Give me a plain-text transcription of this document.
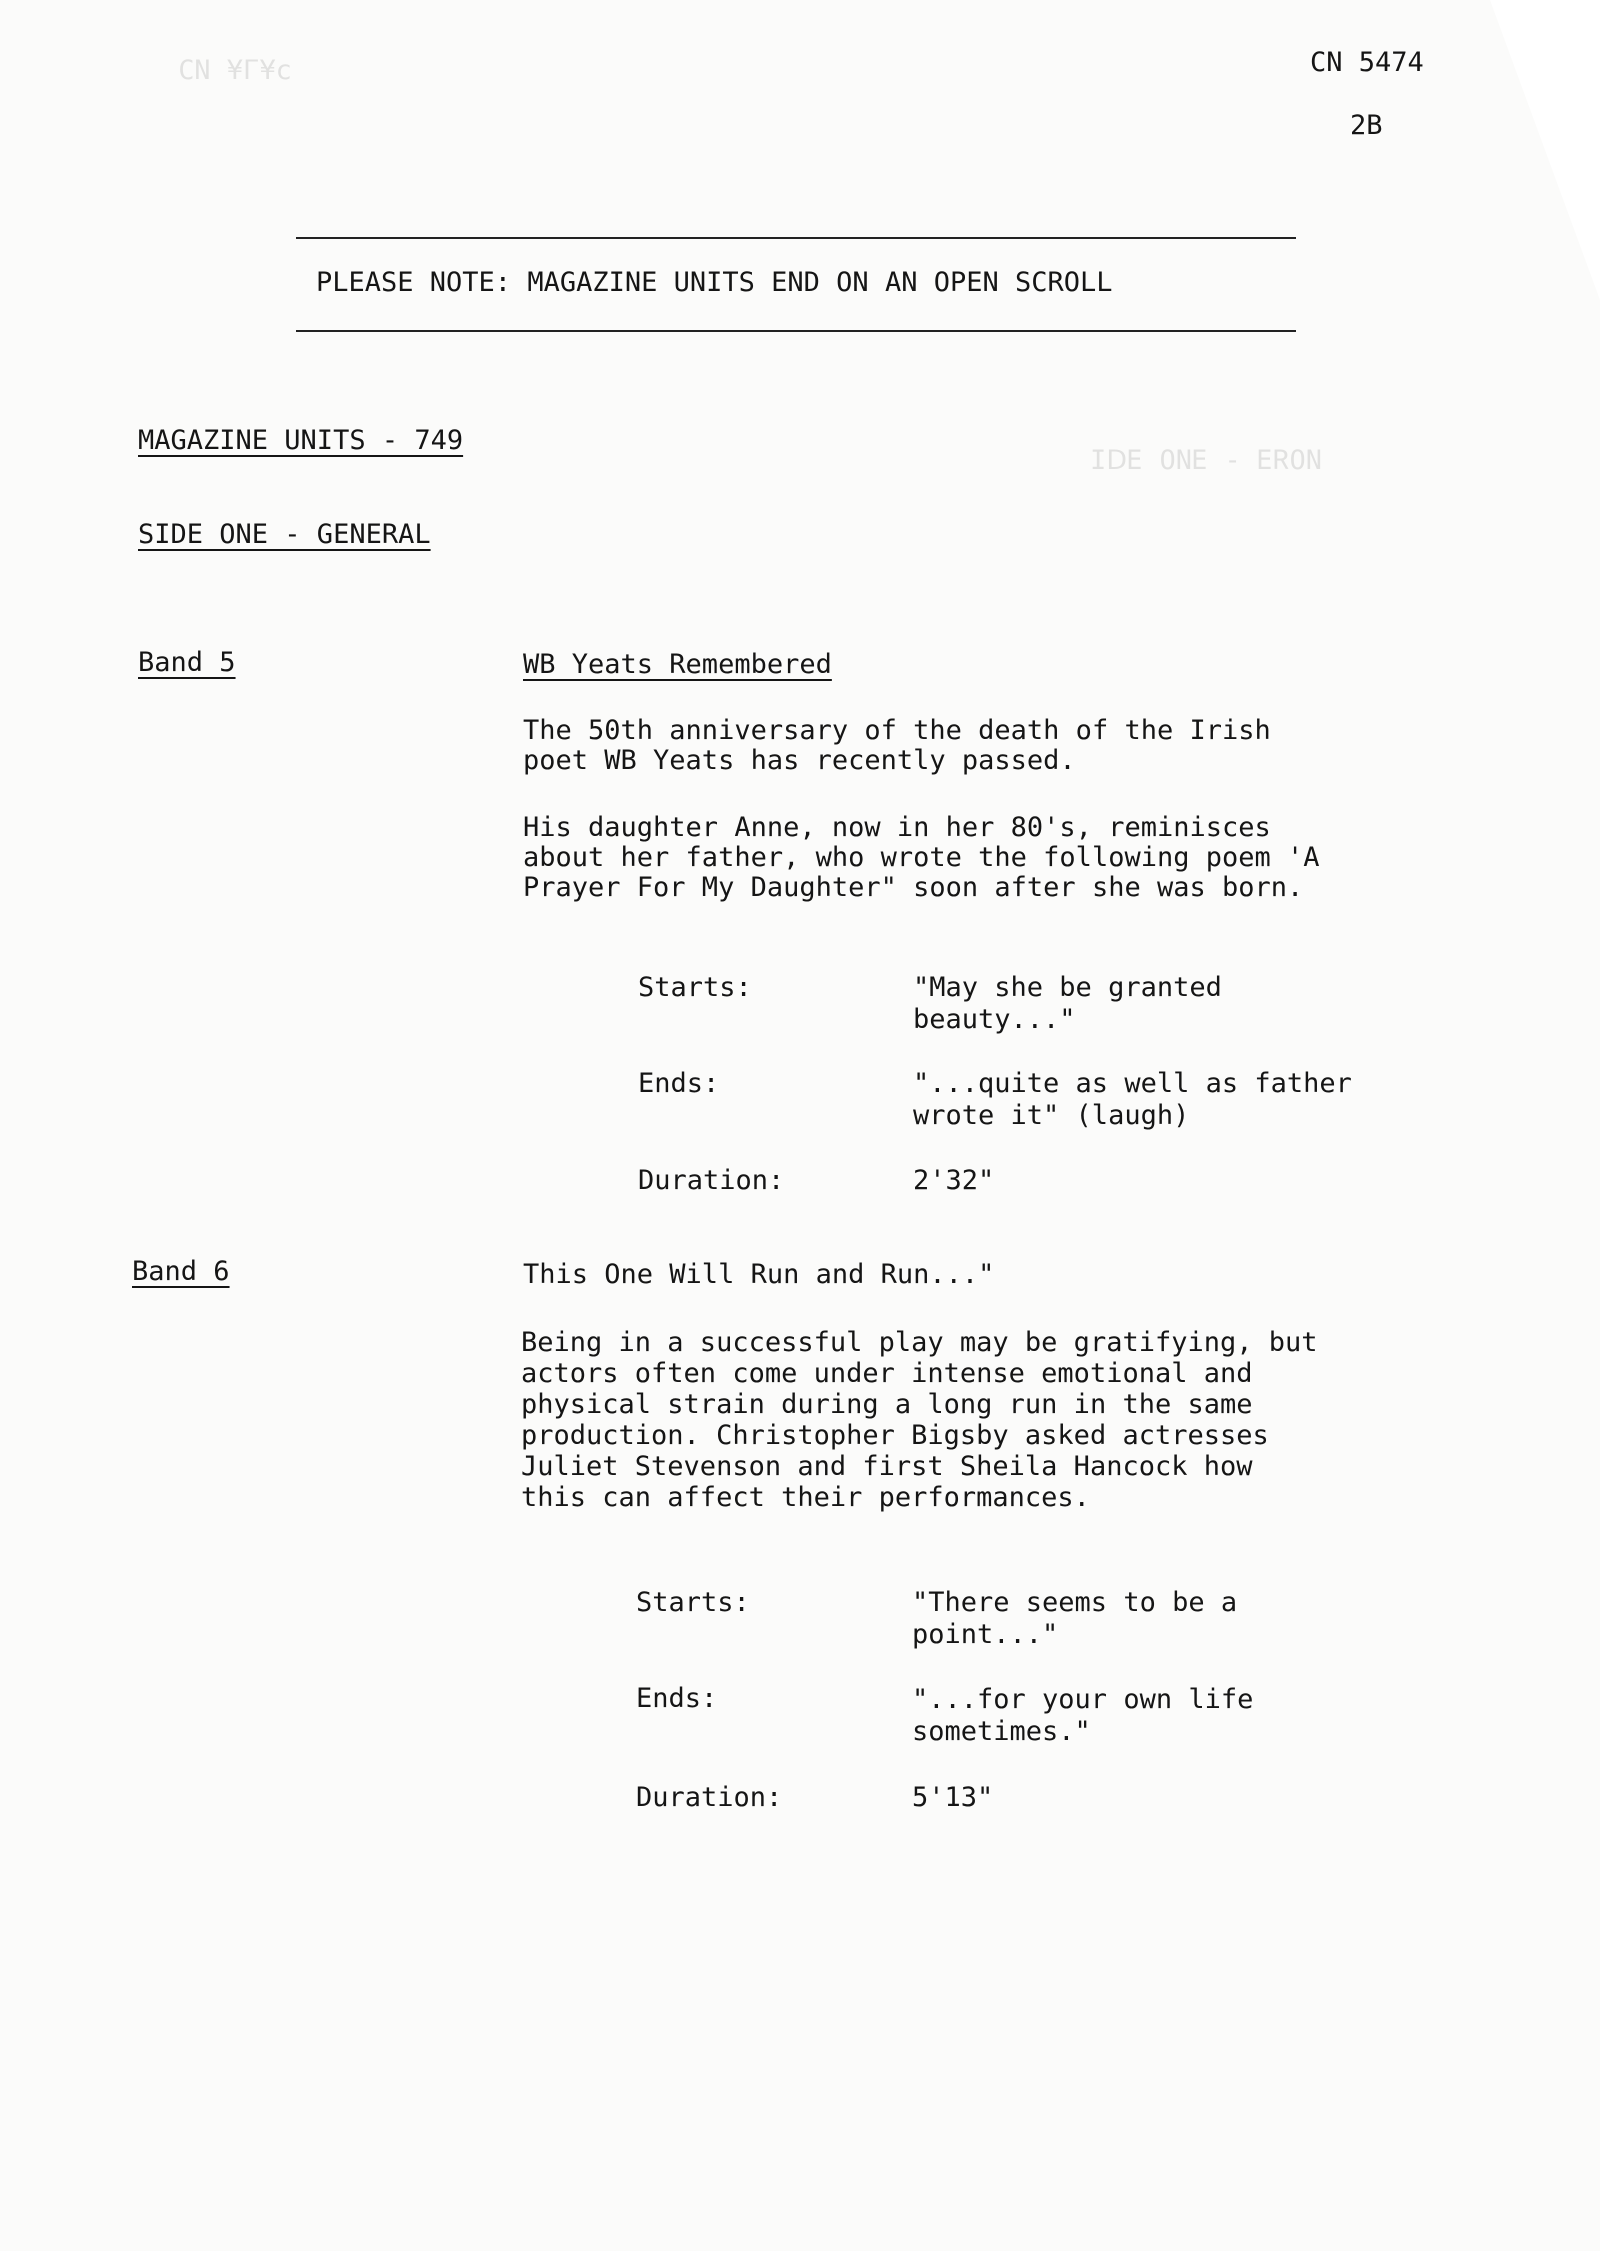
ɔ¥ᒣ¥ ИƆ
ИOЯƎ - ƎИO ƎᗡI
CN 5474
2B
PLEASE NOTE: MAGAZINE UNITS END ON AN OPEN SCROLL
MAGAZINE UNITS - 749
SIDE ONE - GENERAL
Band 5	WB Yeats Remembered
The 50th anniversary of the death of the Irish
poet WB Yeats has recently passed.
His daughter Anne, now in her 80's, reminisces
about her father, who wrote the following poem 'A
Prayer For My Daughter" soon after she was born.
Starts:	"May she be granted
beauty..."
Ends:	"...quite as well as father
wrote it" (laugh)
Duration:	2'32"
Band 6	This One Will Run and Run..."
Being in a successful play may be gratifying, but
actors often come under intense emotional and
physical strain during a long run in the same
production. Christopher Bigsby asked actresses
Juliet Stevenson and first Sheila Hancock how
this can affect their performances.
Starts:	"There seems to be a
point..."
Ends:	"...for your own life
sometimes."
Duration:	5'13"
